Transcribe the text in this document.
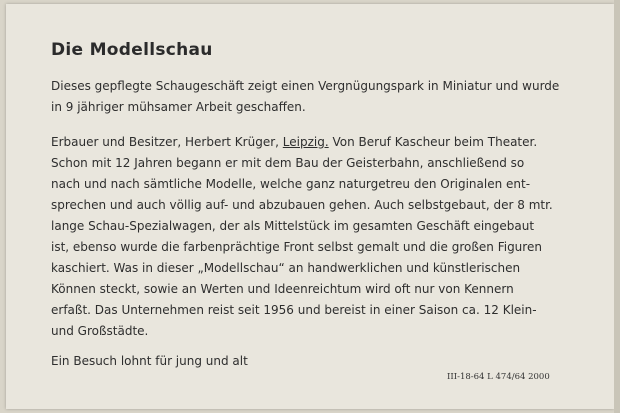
Die Modellschau
Dieses gepflegte Schaugeschäft zeigt einen Vergnügungspark in Miniatur und wurde
in 9 jähriger mühsamer Arbeit geschaffen.
Erbauer und Besitzer, Herbert Krüger, Leipzig. Von Beruf Kascheur beim Theater.
Schon mit 12 Jahren begann er mit dem Bau der Geisterbahn, anschließend so
nach und nach sämtliche Modelle, welche ganz naturgetreu den Originalen ent-
sprechen und auch völlig auf- und abzubauen gehen. Auch selbstgebaut, der 8 mtr.
lange Schau-Spezialwagen, der als Mittelstück im gesamten Geschäft eingebaut
ist, ebenso wurde die farbenprächtige Front selbst gemalt und die großen Figuren
kaschiert. Was in dieser „Modellschau“ an handwerklichen und künstlerischen
Können steckt, sowie an Werten und Ideenreichtum wird oft nur von Kennern
erfaßt. Das Unternehmen reist seit 1956 und bereist in einer Saison ca. 12 Klein-
und Großstädte.
Ein Besuch lohnt für jung und alt
III-18-64 L 474/64 2000
